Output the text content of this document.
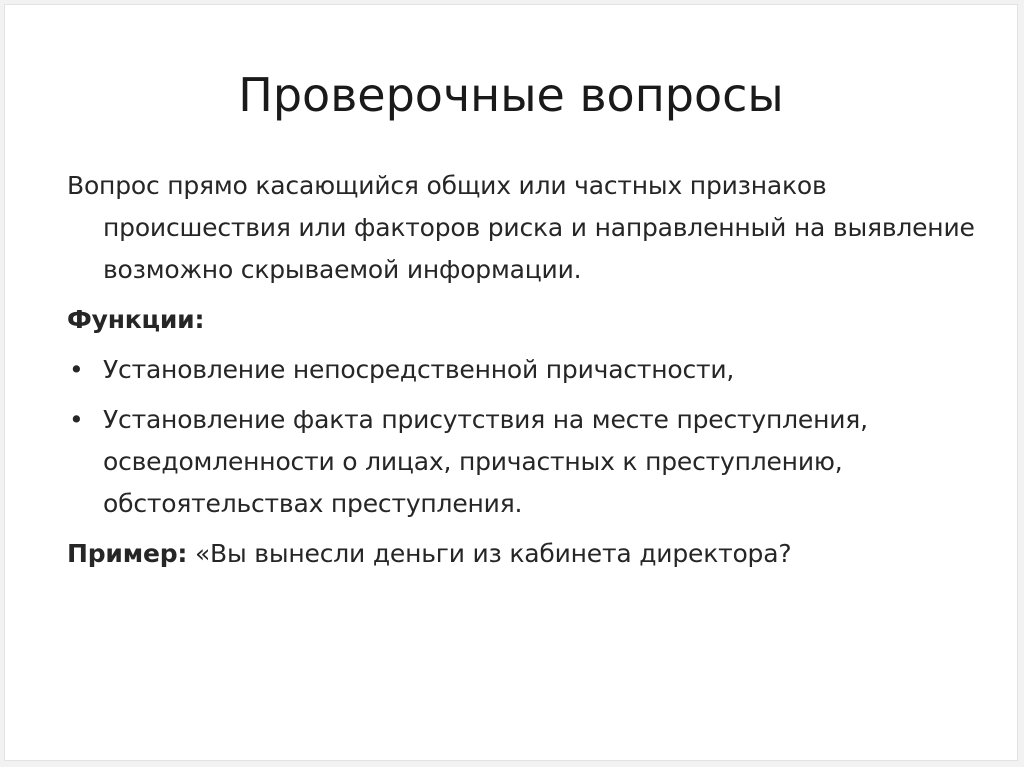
Проверочные вопросы

Вопрос прямо касающийся общих или частных признаков происшествия или факторов риска и направленный на выявление возможно скрываемой информации.

Функции:

• Установление непосредственной причастности,
• Установление факта присутствия на месте преступления, осведомленности о лицах, причастных к преступлению, обстоятельствах преступления.

Пример: «Вы вынесли деньги из кабинета директора?
